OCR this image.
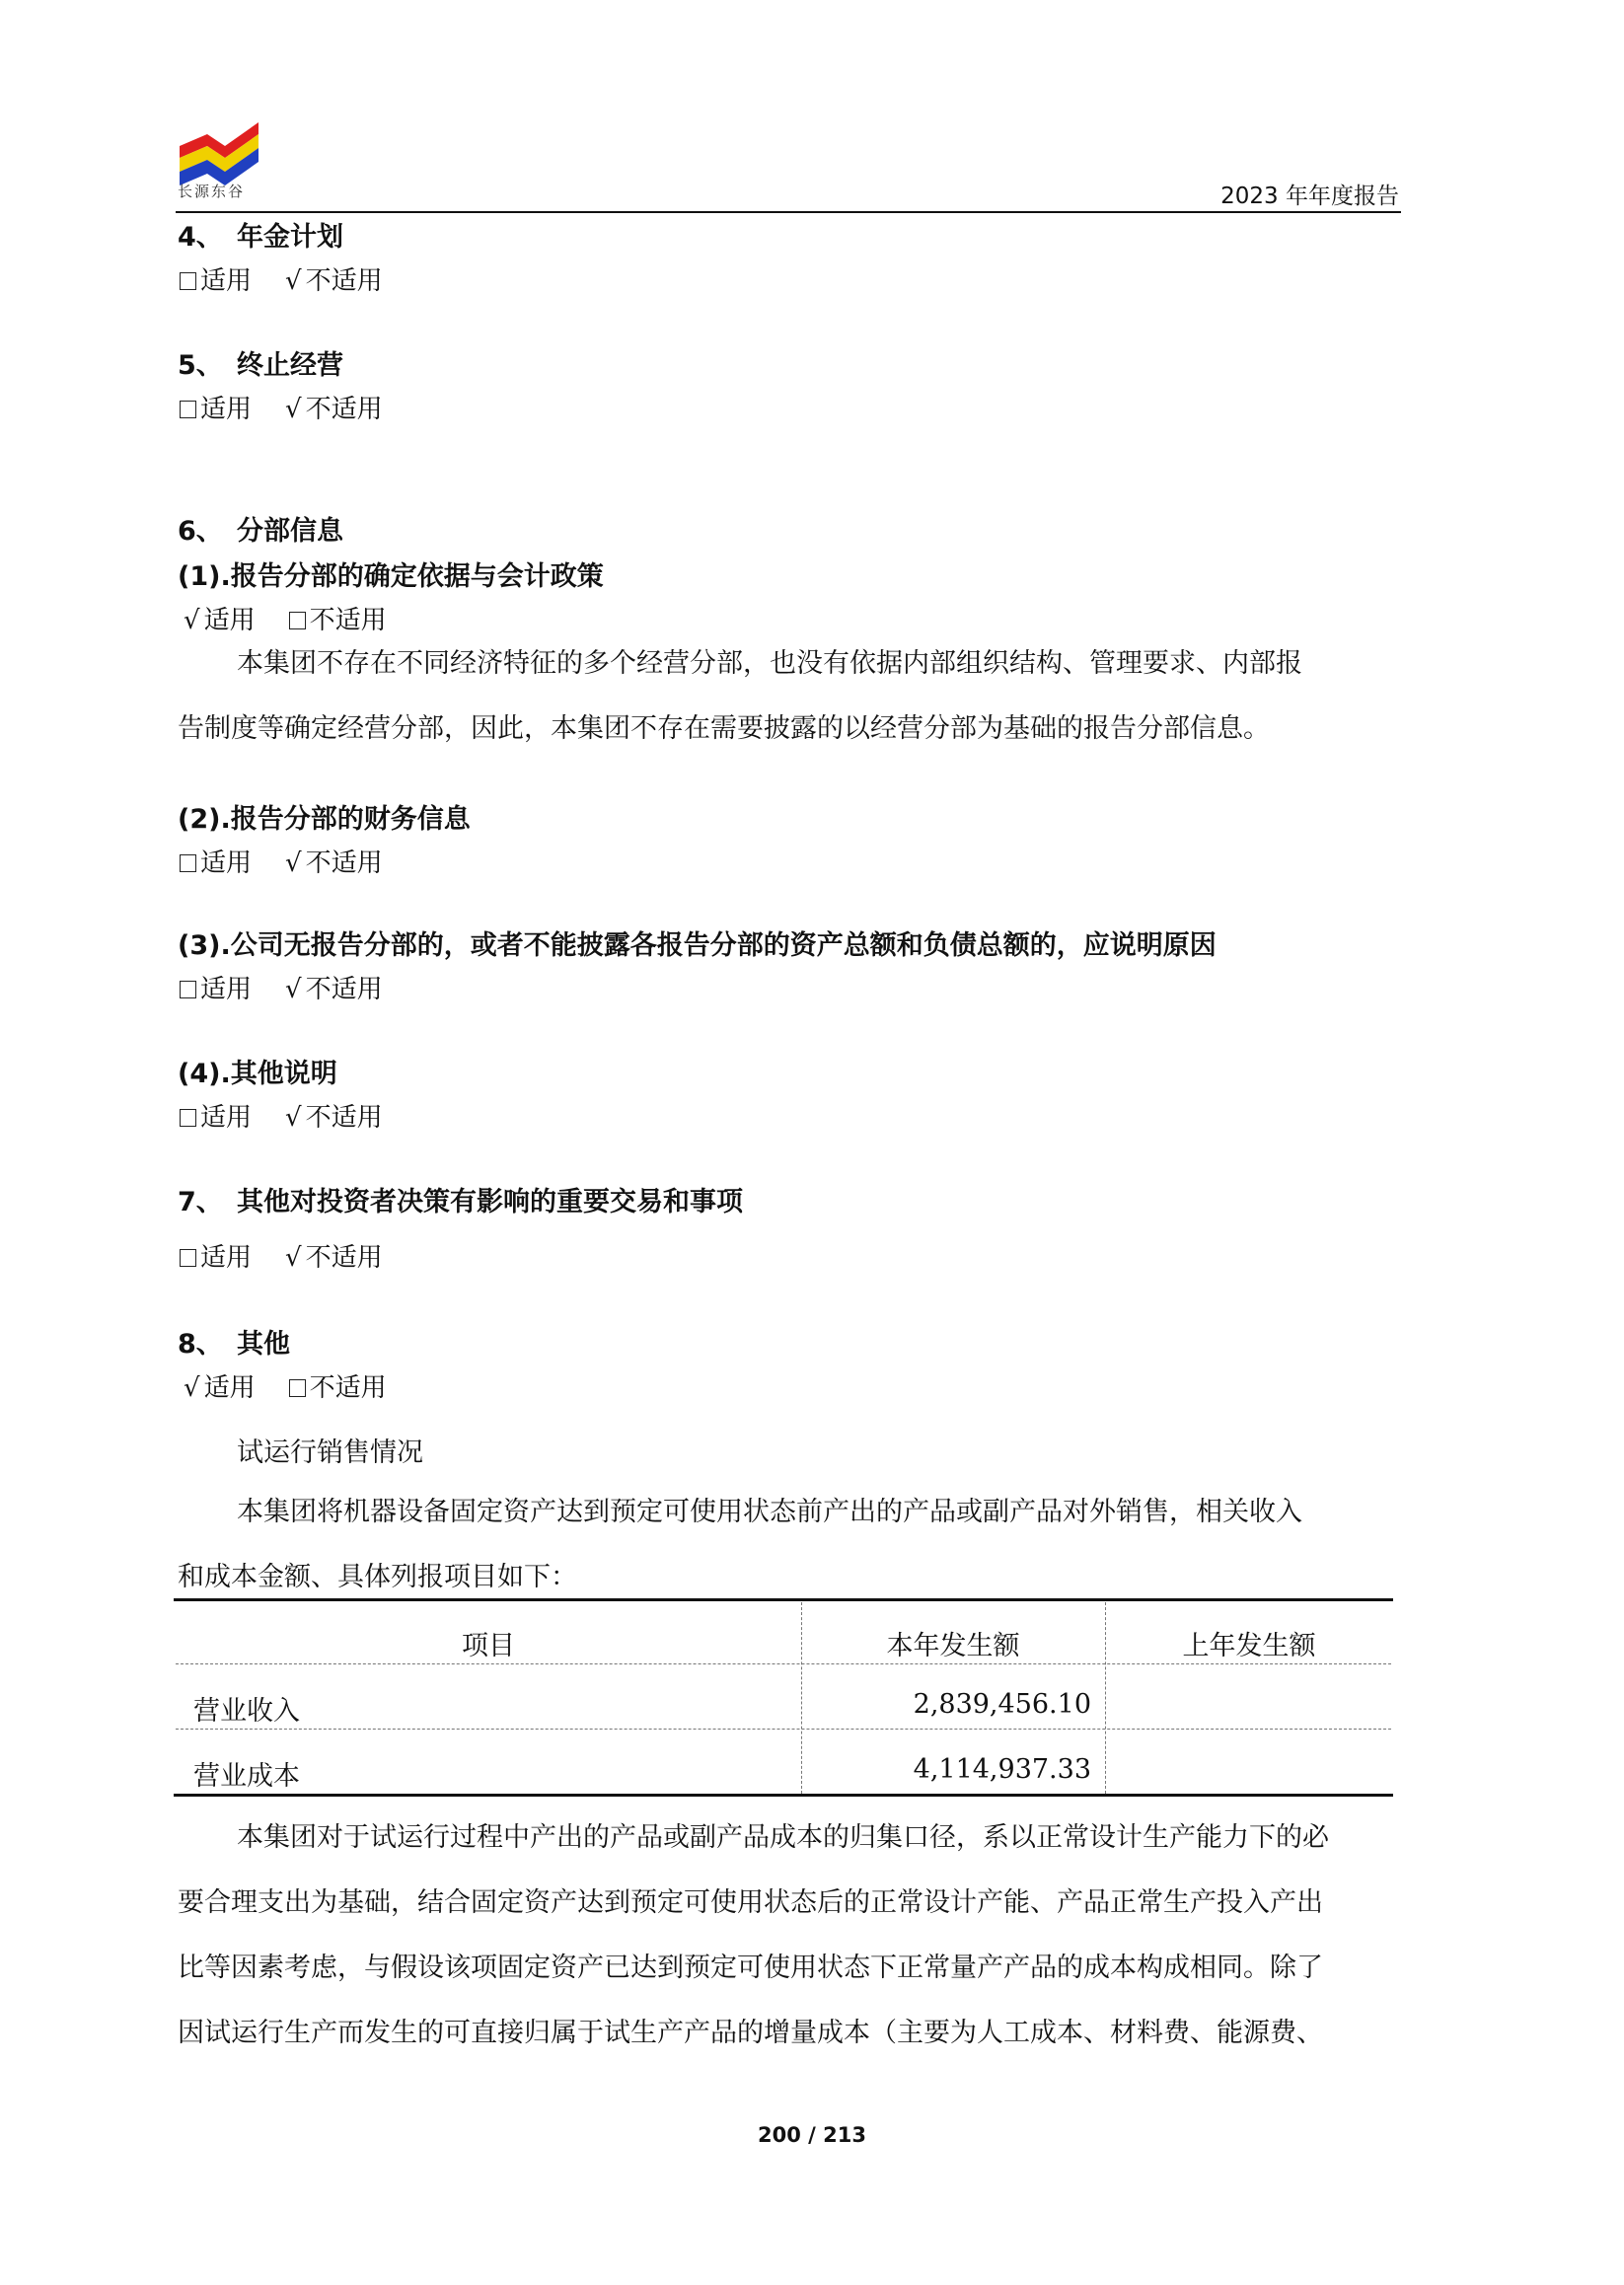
长源东谷	2023 年年度报告
4、 年金计划
适用 √ 不适用
5、 终止经营
适用 √ 不适用
6、 分部信息
(1).报告分部的确定依据与会计政策
√ 适用 不适用
本集团不存在不同经济特征的多个经营分部，也没有依据内部组织结构、管理要求、内部报
告制度等确定经营分部，因此，本集团不存在需要披露的以经营分部为基础的报告分部信息。
(2).报告分部的财务信息
适用 √ 不适用
(3).公司无报告分部的，或者不能披露各报告分部的资产总额和负债总额的，应说明原因
适用 √ 不适用
(4).其他说明
适用 √ 不适用
7、 其他对投资者决策有影响的重要交易和事项
适用 √ 不适用
8、 其他
√ 适用 不适用
试运行销售情况
本集团将机器设备固定资产达到预定可使用状态前产出的产品或副产品对外销售，相关收入
和成本金额、具体列报项目如下：
项目	本年发生额	上年发生额
营业收入	2,839,456.10
营业成本	4,114,937.33
本集团对于试运行过程中产出的产品或副产品成本的归集口径，系以正常设计生产能力下的必
要合理支出为基础，结合固定资产达到预定可使用状态后的正常设计产能、产品正常生产投入产出
比等因素考虑，与假设该项固定资产已达到预定可使用状态下正常量产产品的成本构成相同。除了
因试运行生产而发生的可直接归属于试生产产品的增量成本（主要为人工成本、材料费、能源费、
200 / 213
